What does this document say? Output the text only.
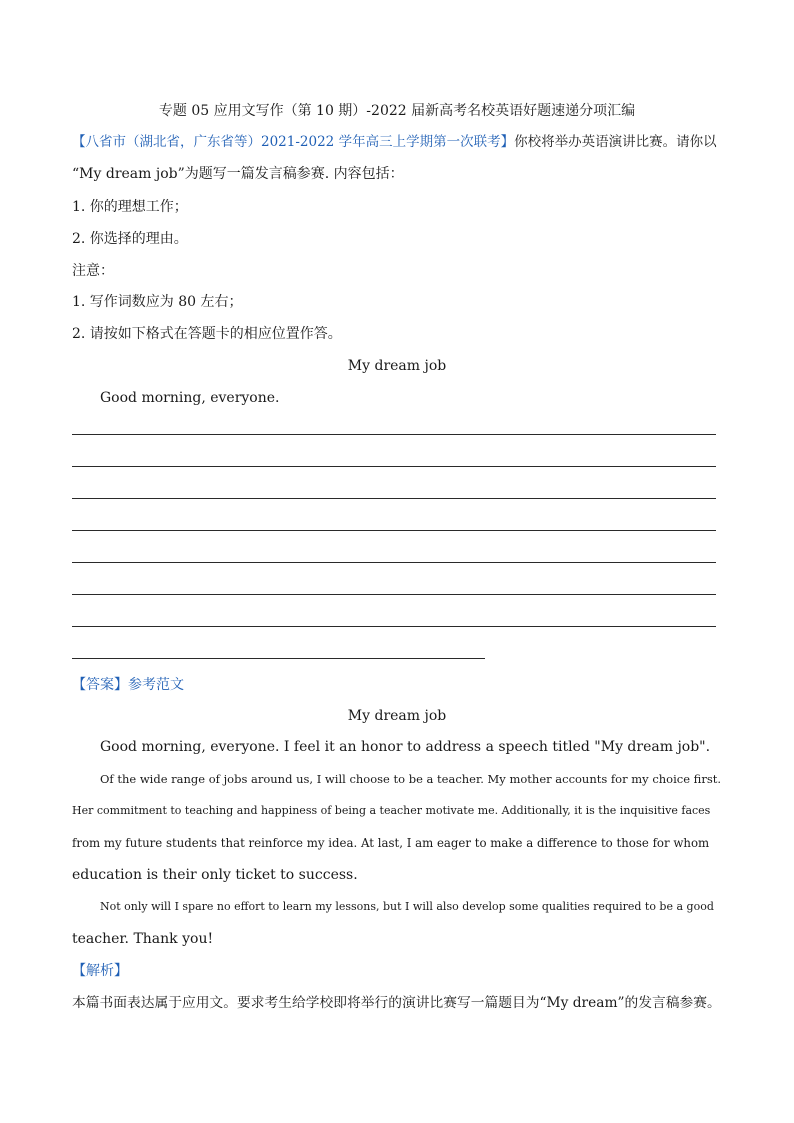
专题 05 应用文写作（第 10 期）-2022 届新高考名校英语好题速递分项汇编
【八省市（湖北省，广东省等）2021-2022 学年高三上学期第一次联考】你校将举办英语演讲比赛。请你以
“My dream job”为题写一篇发言稿参赛. 内容包括：
1. 你的理想工作；
2. 你选择的理由。
注意：
1. 写作词数应为 80 左右；
2. 请按如下格式在答题卡的相应位置作答。
My dream job
Good morning, everyone.
【答案】参考范文
My dream job
Good morning, everyone. I feel it an honor to address a speech titled "My dream job".
Of the wide range of jobs around us, I will choose to be a teacher. My mother accounts for my choice first.
Her commitment to teaching and happiness of being a teacher motivate me. Additionally, it is the inquisitive faces
from my future students that reinforce my idea. At last, I am eager to make a difference to those for whom
education is their only ticket to success.
Not only will I spare no effort to learn my lessons, but I will also develop some qualities required to be a good
teacher. Thank you!
【解析】
本篇书面表达属于应用文。要求考生给学校即将举行的演讲比赛写一篇题目为“My dream”的发言稿参赛。
